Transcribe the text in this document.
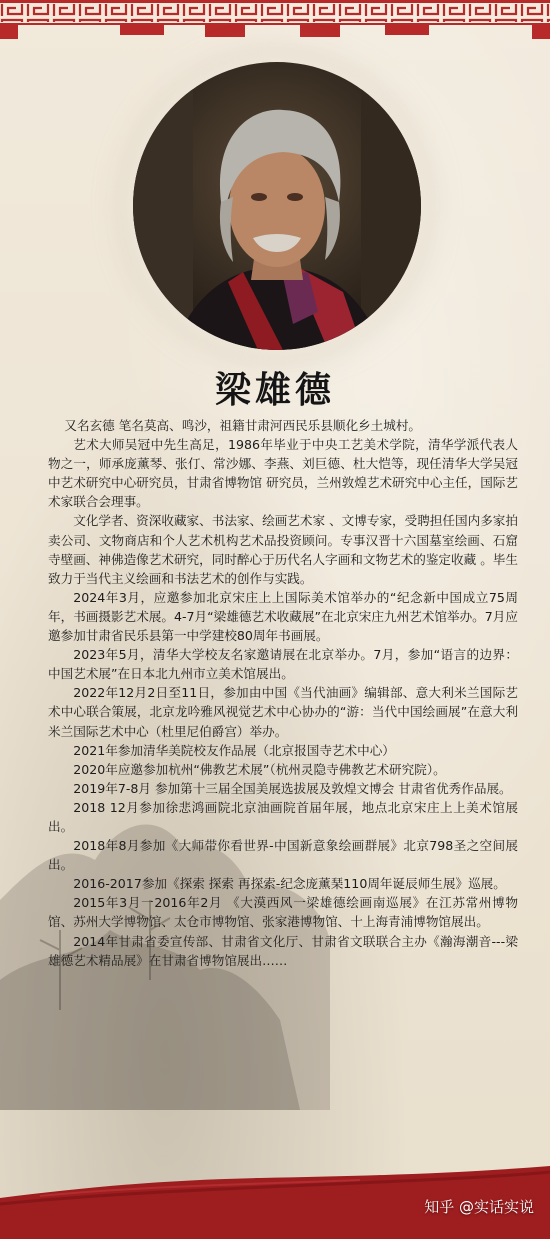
梁雄德

又名玄德 笔名莫高、鸣沙，祖籍甘肃河西民乐县顺化乡土城村。

艺术大师吴冠中先生高足，1986年毕业于中央工艺美术学院，清华学派代表人物之一，师承庞薰琴、张仃、常沙娜、李燕、刘巨德、杜大恺等，现任清华大学吴冠中艺术研究中心研究员，甘肃省博物馆 研究员，兰州敦煌艺术研究中心主任，国际艺术家联合会理事。

文化学者、资深收藏家、书法家、绘画艺术家 、文博专家，受聘担任国内多家拍卖公司、文物商店和个人艺术机构艺术品投资顾问。专事汉晋十六国墓室绘画、石窟寺壁画、神佛造像艺术研究，同时醉心于历代名人字画和文物艺术的鉴定收藏 。毕生致力于当代主义绘画和书法艺术的创作与实践。

2024年3月，应邀参加北京宋庄上上国际美术馆举办的“纪念新中国成立75周年，书画摄影艺术展。4-7月“梁雄德艺术收藏展”在北京宋庄九州艺术馆举办。7月应邀参加甘肃省民乐县第一中学建校80周年书画展。

2023年5月，清华大学校友名家邀请展在北京举办。7月，参加“语言的边界：中国艺术展”在日本北九州市立美术馆展出。

2022年12月2日至11日，参加由中国《当代油画》编辑部、意大利米兰国际艺术中心联合策展，北京龙吟雅风视觉艺术中心协办的“游：当代中国绘画展”在意大利米兰国际艺术中心（杜里尼伯爵宫）举办。

2021年参加清华美院校友作品展（北京报国寺艺术中心）

2020年应邀参加杭州“佛教艺术展”（杭州灵隐寺佛教艺术研究院）。

2019年7-8月 参加第十三届全国美展选拔展及敦煌文博会 甘肃省优秀作品展。

2018 12月参加徐悲鸿画院北京油画院首届年展，地点北京宋庄上上美术馆展出。

2018年8月参加《大师带你看世界-中国新意象绘画群展》北京798圣之空间展出。

2016-2017参加《探索 探索 再探索-纪念庞薰琹110周年诞辰师生展》巡展。

2015年3月一2016年2月 《大漠西风一梁雄德绘画南巡展》在江苏常州博物馆、苏州大学博物馆、太仓市博物馆、张家港博物馆、十上海青浦博物馆展出。

2014年甘肃省委宣传部、甘肃省文化厅、甘肃省文联联合主办《瀚海潮音---梁雄德艺术精品展》在甘肃省博物馆展出……

知乎 @实话实说
